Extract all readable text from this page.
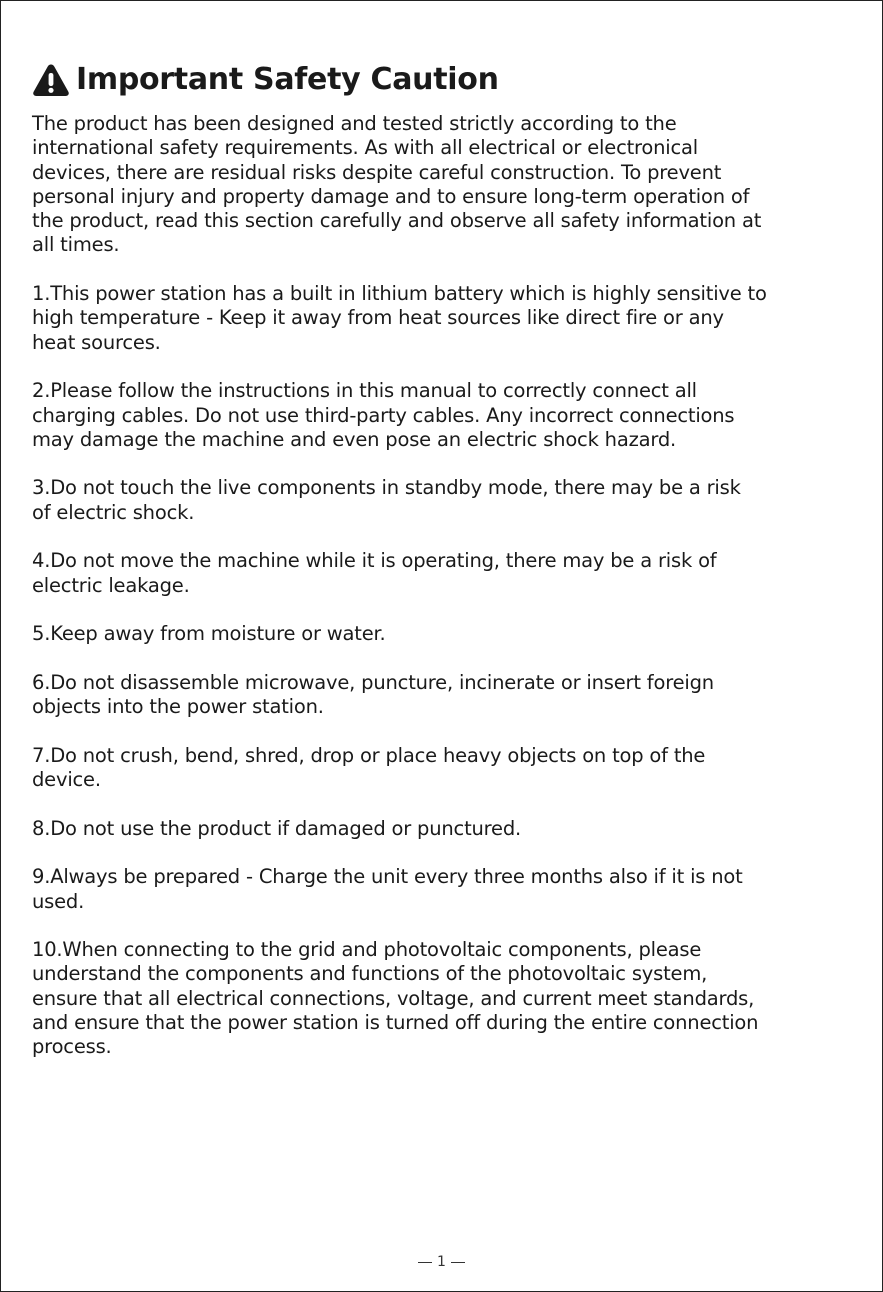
Important Safety Caution

The product has been designed and tested strictly according to the
international safety requirements. As with all electrical or electronical
devices, there are residual risks despite careful construction. To prevent
personal injury and property damage and to ensure long-term operation of
the product, read this section carefully and observe all safety information at
all times.

1.This power station has a built in lithium battery which is highly sensitive to
high temperature - Keep it away from heat sources like direct fire or any
heat sources.

2.Please follow the instructions in this manual to correctly connect all
charging cables. Do not use third-party cables. Any incorrect connections
may damage the machine and even pose an electric shock hazard.

3.Do not touch the live components in standby mode, there may be a risk
of electric shock.

4.Do not move the machine while it is operating, there may be a risk of
electric leakage.

5.Keep away from moisture or water.

6.Do not disassemble microwave, puncture, incinerate or insert foreign
objects into the power station.

7.Do not crush, bend, shred, drop or place heavy objects on top of the
device.

8.Do not use the product if damaged or punctured.

9.Always be prepared - Charge the unit every three months also if it is not
used.

10.When connecting to the grid and photovoltaic components, please
understand the components and functions of the photovoltaic system,
ensure that all electrical connections, voltage, and current meet standards,
and ensure that the power station is turned off during the entire connection
process.

1
